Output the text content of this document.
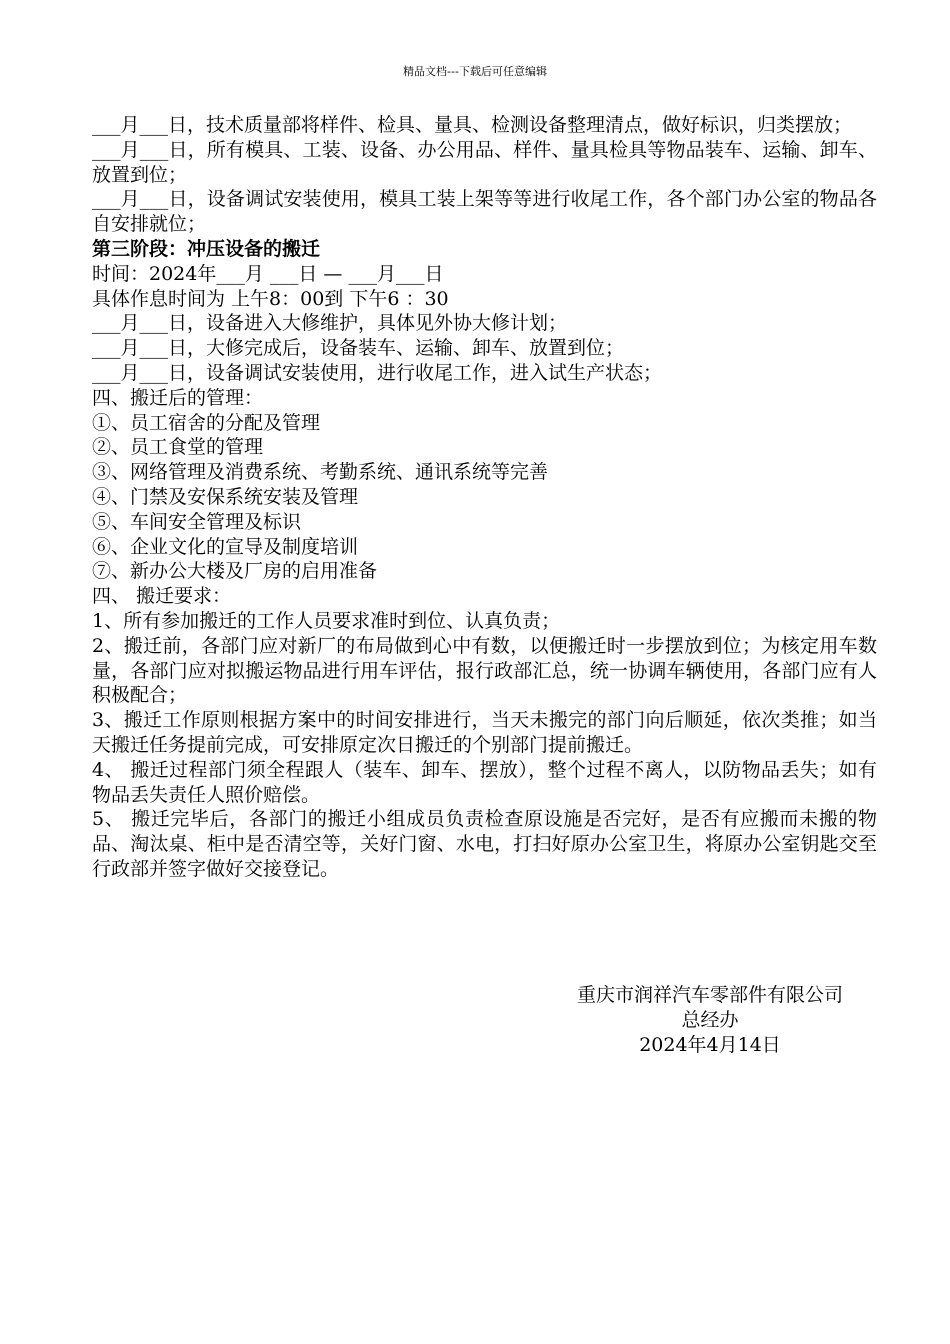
精品文档---下载后可任意编辑

___月___日，技术质量部将样件、检具、量具、检测设备整理清点，做好标识，归类摆放；

___月___日，所有模具、工装、设备、办公用品、样件、量具检具等物品装车、运输、卸车、放置到位；

___月___日，设备调试安装使用，模具工装上架等等进行收尾工作，各个部门办公室的物品各自安排就位；

第三阶段：冲压设备的搬迁

时间：2024年___月 ___日 — ___月___日

具体作息时间为 上午8：00到 下午6 ：30

___月___日，设备进入大修维护，具体见外协大修计划；

___月___日，大修完成后，设备装车、运输、卸车、放置到位；

___月___日，设备调试安装使用，进行收尾工作，进入试生产状态；

四、搬迁后的管理：

①、员工宿舍的分配及管理

②、员工食堂的管理

③、网络管理及消费系统、考勤系统、通讯系统等完善

④、门禁及安保系统安装及管理

⑤、车间安全管理及标识

⑥、企业文化的宣导及制度培训

⑦、新办公大楼及厂房的启用准备

四、 搬迁要求：

1、所有参加搬迁的工作人员要求准时到位、认真负责；

2、搬迁前，各部门应对新厂的布局做到心中有数，以便搬迁时一步摆放到位；为核定用车数量，各部门应对拟搬运物品进行用车评估，报行政部汇总，统一协调车辆使用，各部门应有人积极配合；

3、搬迁工作原则根据方案中的时间安排进行，当天未搬完的部门向后顺延，依次类推；如当天搬迁任务提前完成，可安排原定次日搬迁的个别部门提前搬迁。

4、 搬迁过程部门须全程跟人（装车、卸车、摆放），整个过程不离人，以防物品丢失；如有物品丢失责任人照价赔偿。

5、 搬迁完毕后，各部门的搬迁小组成员负责检查原设施是否完好，是否有应搬而未搬的物品、淘汰桌、柜中是否清空等，关好门窗、水电，打扫好原办公室卫生，将原办公室钥匙交至行政部并签字做好交接登记。

重庆市润祥汽车零部件有限公司
总经办
2024年4月14日
